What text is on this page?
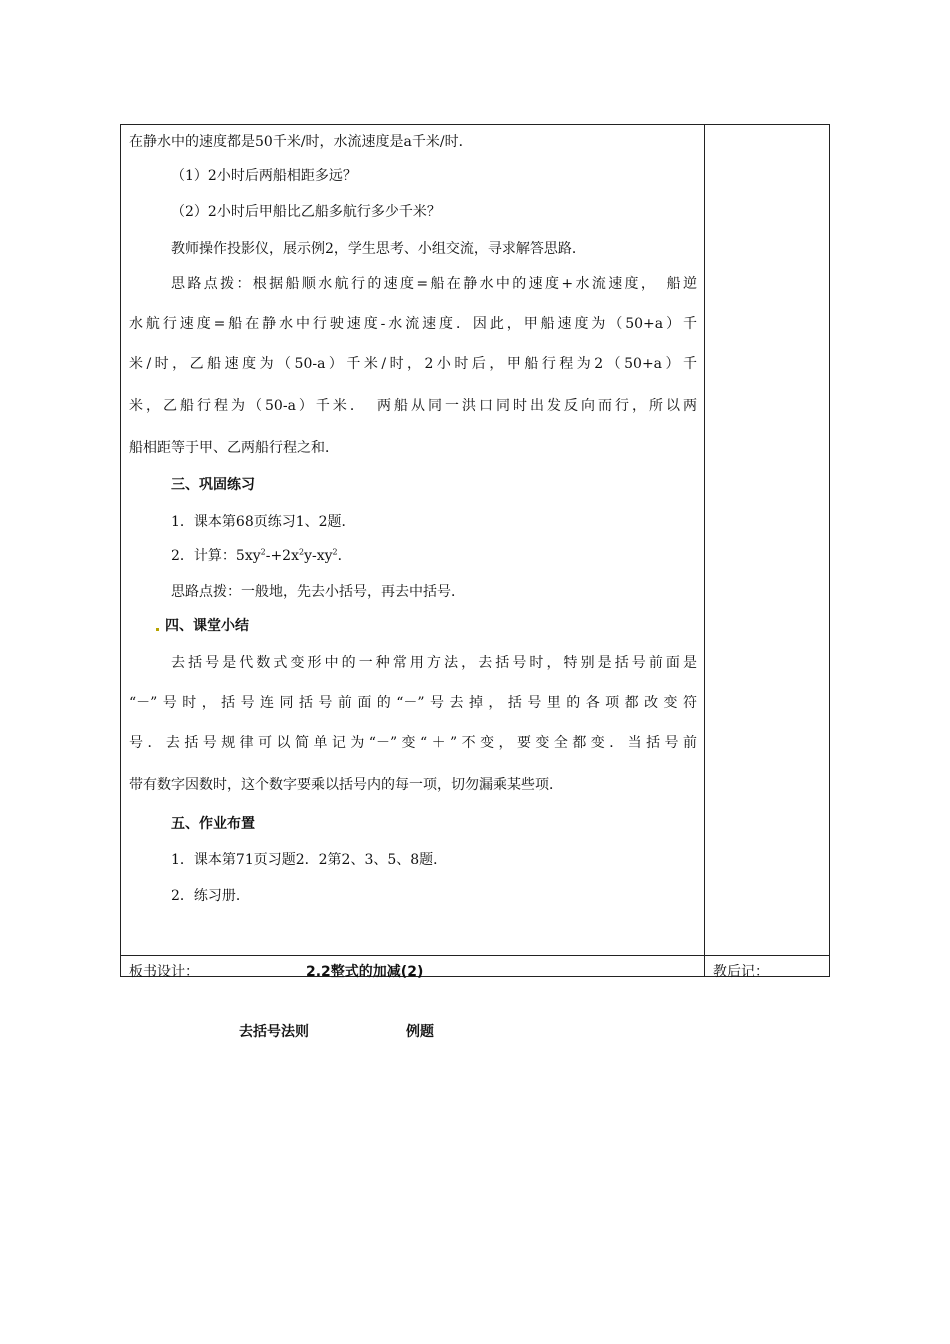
在静水中的速度都是50千米/时，水流速度是a千米/时．
（1）2小时后两船相距多远？
（2）2小时后甲船比乙船多航行多少千米？
教师操作投影仪，展示例2，学生思考、小组交流，寻求解答思路．
思路点拨：根据船顺水航行的速度=船在静水中的速度+水流速度，　船逆
水航行速度=船在静水中行驶速度-水流速度．因此，甲船速度为（50+a）千
米/时，乙船速度为（50-a）千米/时，2小时后，甲船行程为2（50+a）千
米，乙船行程为（50-a）千米．　两船从同一洪口同时出发反向而行，所以两
船相距等于甲、乙两船行程之和．
三、巩固练习
1．课本第68页练习1、2题．
2．计算：$5xy^2-+2x^2y-xy^2$．
思路点拨：一般地，先去小括号，再去中括号．
四、课堂小结
去括号是代数式变形中的一种常用方法，去括号时，特别是括号前面是
“－”号时，括号连同括号前面的“－”号去掉，括号里的各项都改变符
号．去括号规律可以简单记为“－”变“＋”不变，要变全都变．当括号前
带有数字因数时，这个数字要乘以括号内的每一项，切勿漏乘某些项．
五、作业布置
1．课本第71页习题2．2第2、3、5、8题．
2．练习册．
板书设计：	2.2整式的加减(2)
去括号法则	例题
教后记：
